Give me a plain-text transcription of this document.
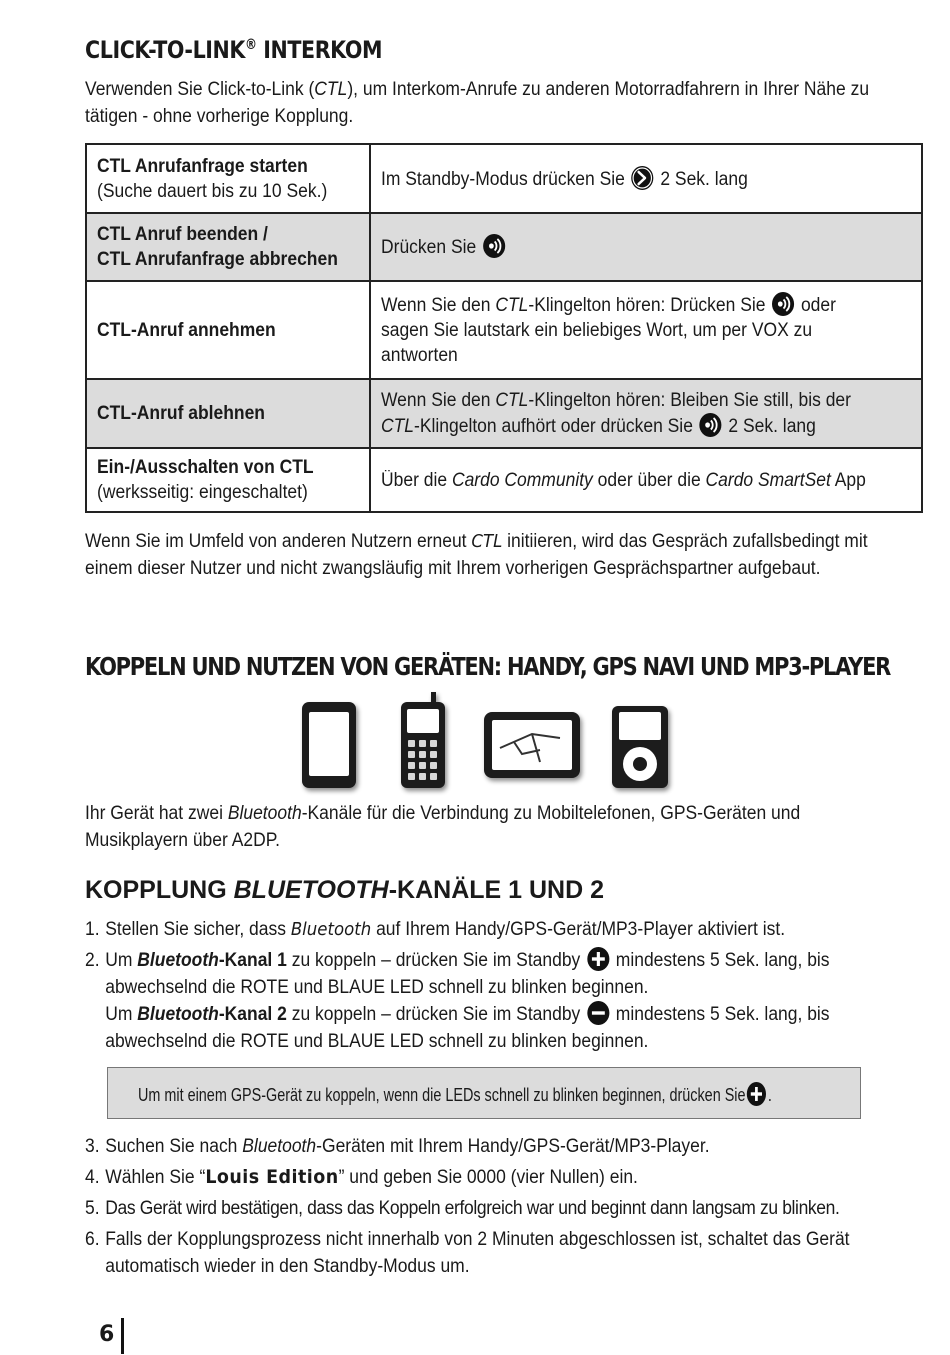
CLICK-TO-LINK® INTERKOM

Verwenden Sie Click-to-Link (CTL), um Interkom-Anrufe zu anderen Motorradfahrern in Ihrer Nähe zu tätigen - ohne vorherige Kopplung.

CTL Anrufanfrage starten
(Suche dauert bis zu 10 Sek.)	Im Standby-Modus drücken Sie 2 Sek. lang
CTL Anruf beenden /
CTL Anrufanfrage abbrechen	Drücken Sie

CTL-Anruf annehmen	Wenn Sie den CTL-Klingelton hören: Drücken Sie oder sagen Sie lautstark ein beliebiges Wort, um per VOX zu antworten
CTL-Anruf ablehnen	Wenn Sie den CTL-Klingelton hören: Bleiben Sie still, bis der CTL-Klingelton aufhört oder drücken Sie 2 Sek. lang
Ein-/Ausschalten von CTL
(werksseitig: eingeschaltet)	Über die Cardo Community oder über die Cardo SmartSet App

Wenn Sie im Umfeld von anderen Nutzern erneut CTL initiieren, wird das Gespräch zufallsbedingt mit einem dieser Nutzer und nicht zwangsläufig mit Ihrem vorherigen Gesprächspartner aufgebaut.

KOPPELN UND NUTZEN VON GERÄTEN: HANDY, GPS NAVI UND MP3-PLAYER

Ihr Gerät hat zwei Bluetooth-Kanäle für die Verbindung zu Mobiltelefonen, GPS-Geräten und Musikplayern über A2DP.

KOPPLUNG BLUETOOTH-KANÄLE 1 UND 2
1. Stellen Sie sicher, dass Bluetooth auf Ihrem Handy/GPS-Gerät/MP3-Player aktiviert ist.
2. Um Bluetooth-Kanal 1 zu koppeln – drücken Sie im Standby
mindestens 5 Sek. lang, bis abwechselnd die ROTE und BLAUE LED schnell zu blinken beginnen.
Um Bluetooth-Kanal 2 zu koppeln – drücken Sie im Standby
mindestens 5 Sek. lang, bis abwechselnd die ROTE und BLAUE LED schnell zu blinken beginnen.
Um mit einem GPS-Gerät zu koppeln, wenn die LEDs schnell zu blinken beginnen, drücken Sie .
3. Suchen Sie nach Bluetooth-Geräten mit Ihrem Handy/GPS-Gerät/MP3-Player.
4. Wählen Sie “Louis Edition” und geben Sie 0000 (vier Nullen) ein.
5. Das Gerät wird bestätigen, dass das Koppeln erfolgreich war und beginnt dann langsam zu blinken.
6. Falls der Kopplungsprozess nicht innerhalb von 2 Minuten abgeschlossen ist, schaltet das Gerät automatisch wieder in den Standby-Modus um.
6
